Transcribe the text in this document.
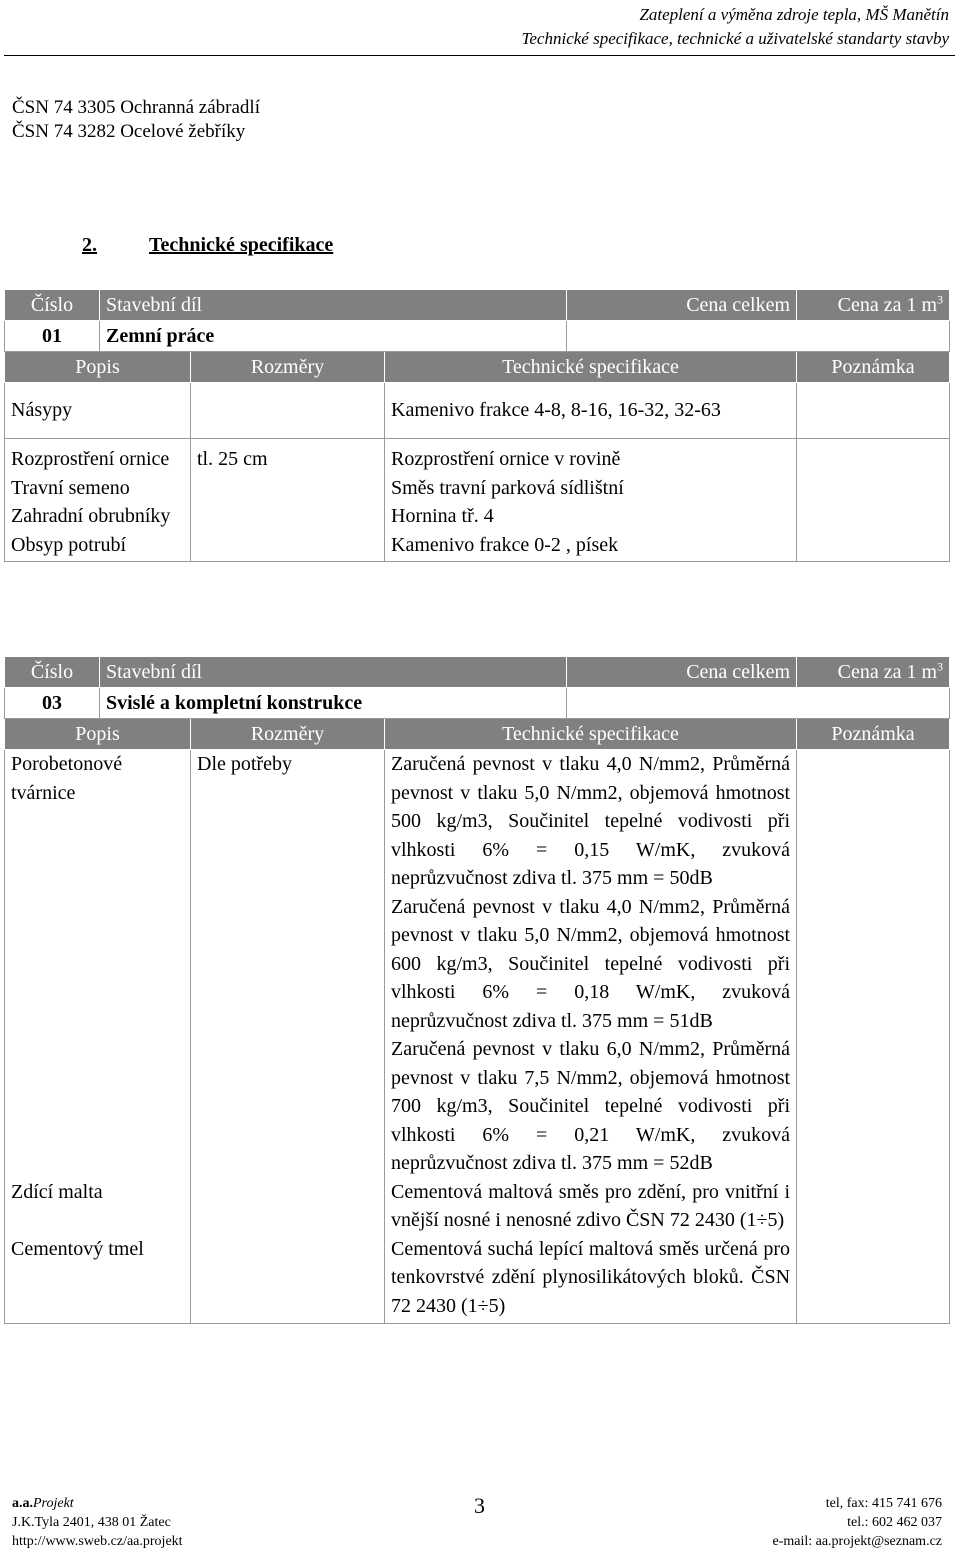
Zateplení a výměna zdroje tepla, MŠ Manětín
Technické specifikace, technické a uživatelské standarty stavby
ČSN 74 3305 Ochranná zábradlí
ČSN 74 3282 Ocelové žebříky
2.	Technické specifikace
Číslo	Stavební díl			Cena celkem	Cena za 1 $m^3$
01	Zemní práce				
Popis		Rozměry	Technické specifikace		Poznámka
Násypy			Kamenivo frakce 4-8, 8-16, 16-32, 32-63		
Rozprostření ornice		tl. 25 cm	Rozprostření ornice v rovině		
Travní semeno			Směs travní parková sídlištní		
Zahradní obrubníky			Hornina tř. 4		
Obsyp potrubí			Kamenivo frakce 0-2 , písek		
Číslo	Stavební díl			Cena celkem	Cena za 1 $m^3$
03	Svislé a kompletní konstrukce				
Popis		Rozměry	Technické specifikace		Poznámka
Porobetonové tvárnice		Dle potřeby	Zaručená pevnost v tlaku 4,0 N/mm2, Průměrná pevnost v tlaku 5,0 N/mm2, objemová hmotnost 500 kg/m3, Součinitel tepelné vodivosti při vlhkosti 6% = 0,15 W/mK, zvuková neprůzvučnost zdiva tl. 375 mm = 50dB
Zaručená pevnost v tlaku 4,0 N/mm2, Průměrná pevnost v tlaku 5,0 N/mm2, objemová hmotnost 600 kg/m3, Součinitel tepelné vodivosti při vlhkosti 6% = 0,18 W/mK, zvuková neprůzvučnost zdiva tl. 375 mm = 51dB
Zaručená pevnost v tlaku 6,0 N/mm2, Průměrná pevnost v tlaku 7,5 N/mm2, objemová hmotnost 700 kg/m3, Součinitel tepelné vodivosti při vlhkosti 6% = 0,21 W/mK, zvuková neprůzvučnost zdiva tl. 375 mm = 52dB		

Zdící malta			Cementová maltová směs pro zdění, pro vnitřní i vnější nosné i nenosné zdivo ČSN 72 2430 (1÷5)		
Cementový tmel			Cementová suchá lepící maltová směs určená pro tenkovrstvé zdění plynosilikátových bloků. ČSN 72 2430 (1÷5)		
a.a.Projekt
J.K.Tyla 2401, 438 01 Žatec
http://www.sweb.cz/aa.projekt
3	tel, fax: 415 741 676
tel.: 602 462 037
e-mail: aa.projekt@seznam.cz
